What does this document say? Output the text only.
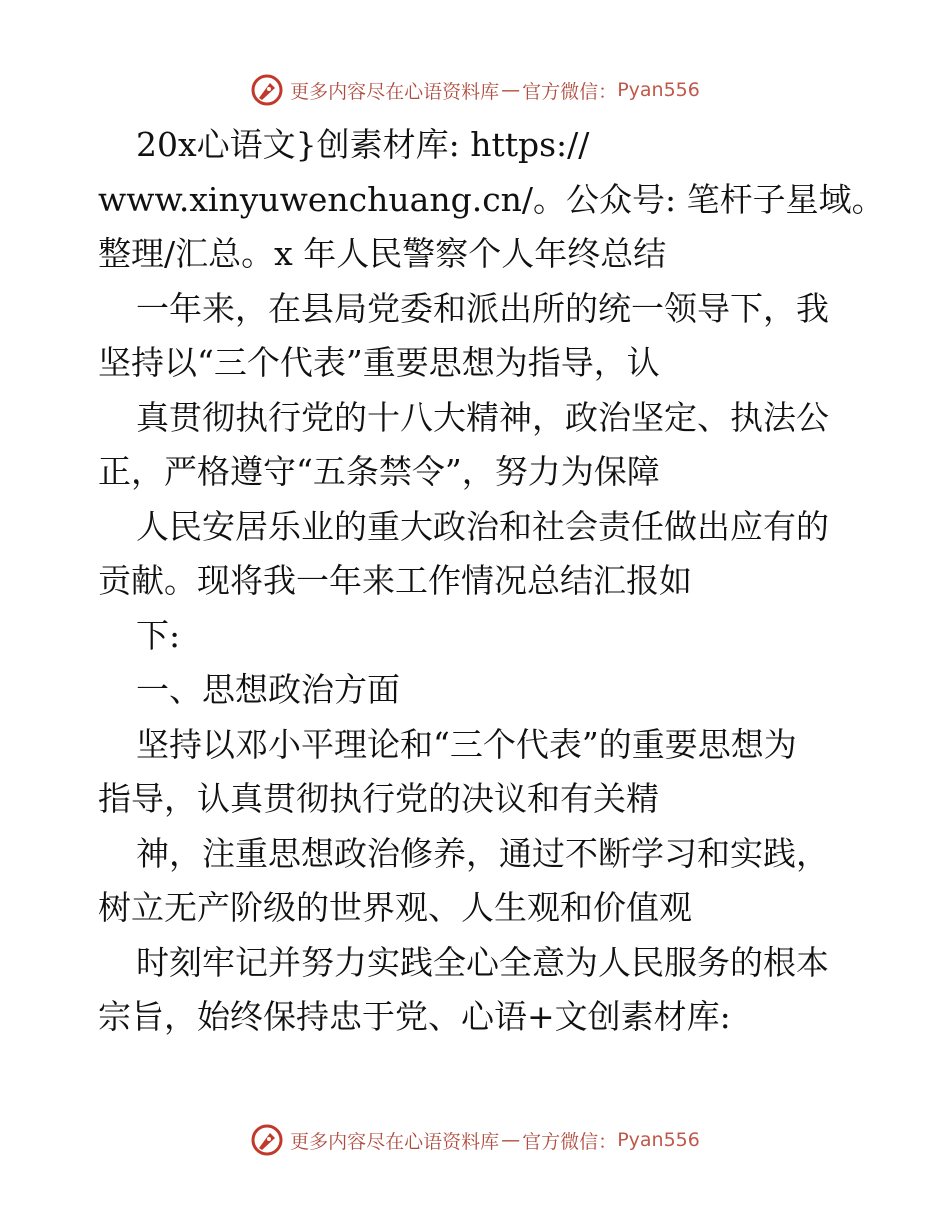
更多内容尽在心语资料库 — 官方微信： Pyan556
20x心语文}创素材库: https://
www.xinyuwenchuang.cn/。公众号: 笔杆子星域。
整理/汇总。x 年人民警察个人年终总结
一年来，在县局党委和派出所的统一领导下，我
坚持以“三个代表”重要思想为指导，认
真贯彻执行党的十八大精神，政治坚定、执法公
正，严格遵守“五条禁令”，努力为保障
人民安居乐业的重大政治和社会责任做出应有的
贡献。现将我一年来工作情况总结汇报如
下:
一、思想政治方面
坚持以邓小平理论和“三个代表”的重要思想为
指导，认真贯彻执行党的决议和有关精
神，注重思想政治修养，通过不断学习和实践，
树立无产阶级的世界观、人生观和价值观
时刻牢记并努力实践全心全意为人民服务的根本
宗旨，始终保持忠于党、心语+文创素材库:
更多内容尽在心语资料库 — 官方微信： Pyan556
